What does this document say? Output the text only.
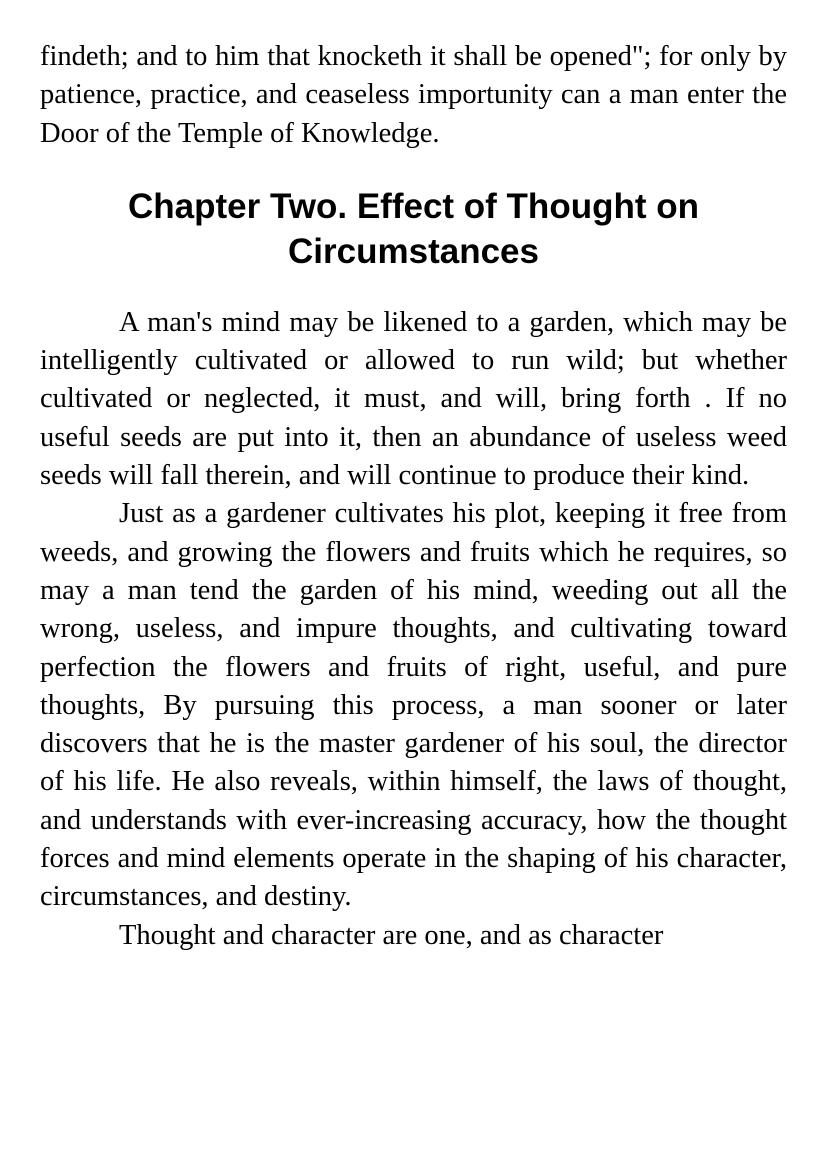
findeth; and to him that knocketh it shall be opened"; for only by patience, practice, and ceaseless importunity can a man enter the Door of the Temple of Knowledge.

Chapter Two. Effect of Thought on Circumstances

A man's mind may be likened to a garden, which may be intelligently cultivated or allowed to run wild; but whether cultivated or neglected, it must, and will, bring forth . If no useful seeds are put into it, then an abundance of useless weed seeds will fall therein, and will continue to produce their kind.

Just as a gardener cultivates his plot, keeping it free from weeds, and growing the flowers and fruits which he requires, so may a man tend the garden of his mind, weeding out all the wrong, useless, and impure thoughts, and cultivating toward perfection the flowers and fruits of right, useful, and pure thoughts, By pursuing this process, a man sooner or later discovers that he is the master gardener of his soul, the director of his life. He also reveals, within himself, the laws of thought, and understands with ever-increasing accuracy, how the thought forces and mind elements operate in the shaping of his character, circumstances, and destiny.

Thought and character are one, and as character
